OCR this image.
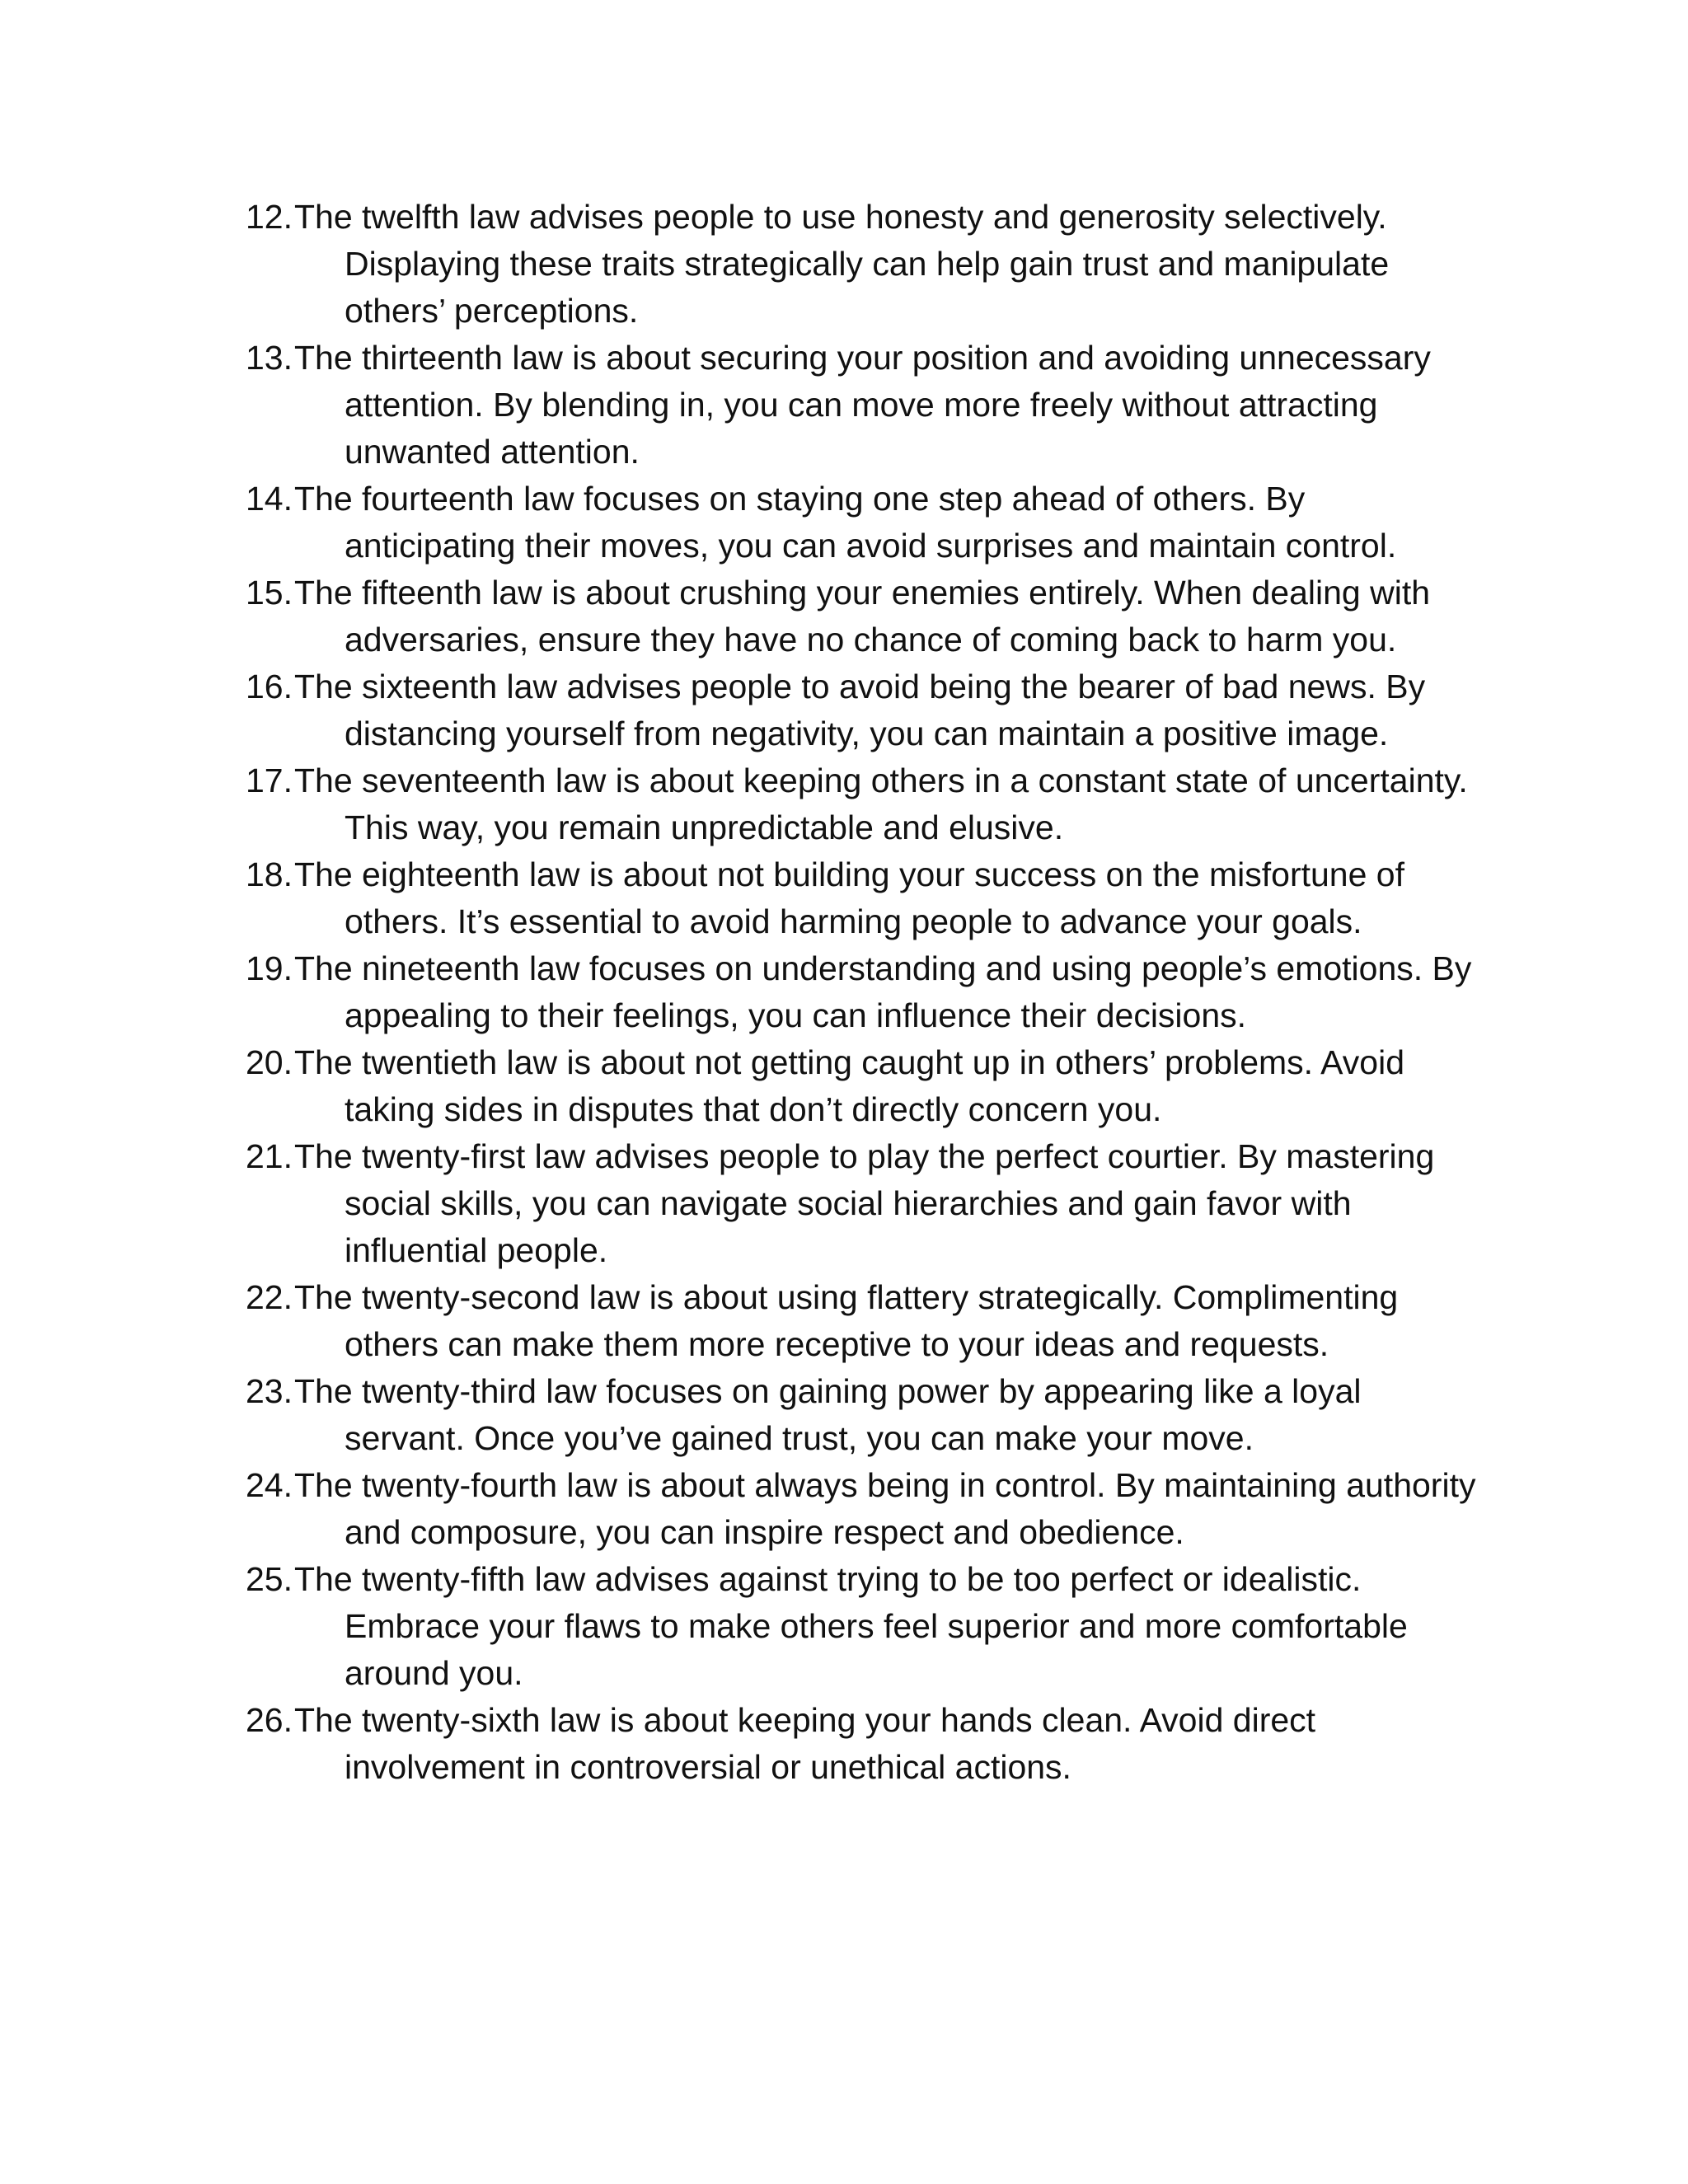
12. The twelfth law advises people to use honesty and generosity selectively. Displaying these traits strategically can help gain trust and manipulate others’ perceptions.
13. The thirteenth law is about securing your position and avoiding unnecessary attention. By blending in, you can move more freely without attracting unwanted attention.
14. The fourteenth law focuses on staying one step ahead of others. By anticipating their moves, you can avoid surprises and maintain control.
15. The fifteenth law is about crushing your enemies entirely. When dealing with adversaries, ensure they have no chance of coming back to harm you.
16. The sixteenth law advises people to avoid being the bearer of bad news. By distancing yourself from negativity, you can maintain a positive image.
17. The seventeenth law is about keeping others in a constant state of uncertainty. This way, you remain unpredictable and elusive.
18. The eighteenth law is about not building your success on the misfortune of others. It’s essential to avoid harming people to advance your goals.
19. The nineteenth law focuses on understanding and using people’s emotions. By appealing to their feelings, you can influence their decisions.
20. The twentieth law is about not getting caught up in others’ problems. Avoid taking sides in disputes that don’t directly concern you.
21. The twenty-first law advises people to play the perfect courtier. By mastering social skills, you can navigate social hierarchies and gain favor with influential people.
22. The twenty-second law is about using flattery strategically. Complimenting others can make them more receptive to your ideas and requests.
23. The twenty-third law focuses on gaining power by appearing like a loyal servant. Once you’ve gained trust, you can make your move.
24. The twenty-fourth law is about always being in control. By maintaining authority and composure, you can inspire respect and obedience.
25. The twenty-fifth law advises against trying to be too perfect or idealistic. Embrace your flaws to make others feel superior and more comfortable around you.
26. The twenty-sixth law is about keeping your hands clean. Avoid direct involvement in controversial or unethical actions.
